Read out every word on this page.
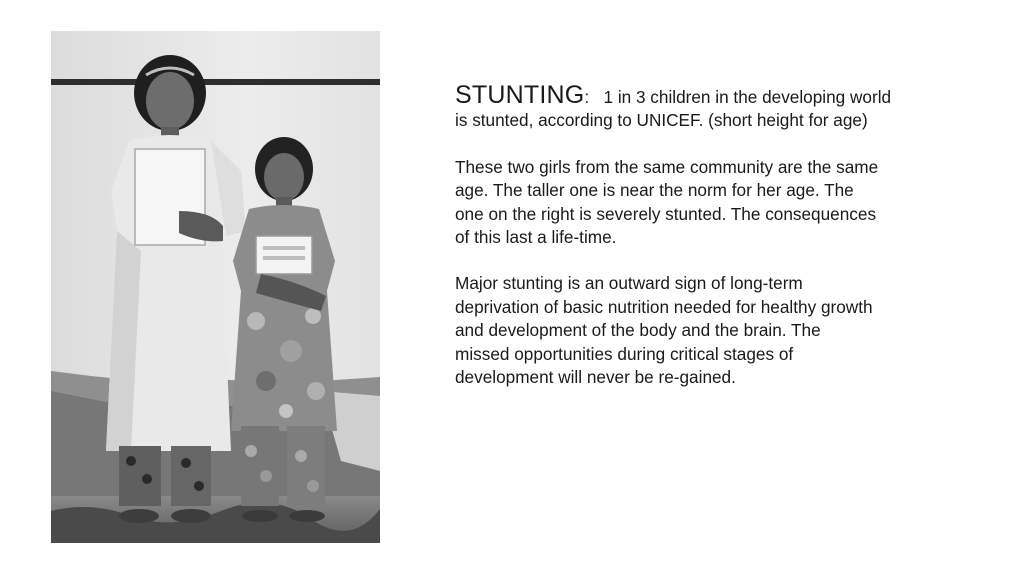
STUNTING: 1 in 3 children in the developing world
is stunted, according to UNICEF. (short height for age)

These two girls from the same community are the same
age. The taller one is near the norm for her age. The
one on the right is severely stunted. The consequences
of this last a life-time.

Major stunting is an outward sign of long-term
deprivation of basic nutrition needed for healthy growth
and development of the body and the brain. The
missed opportunities during critical stages of
development will never be re-gained.
